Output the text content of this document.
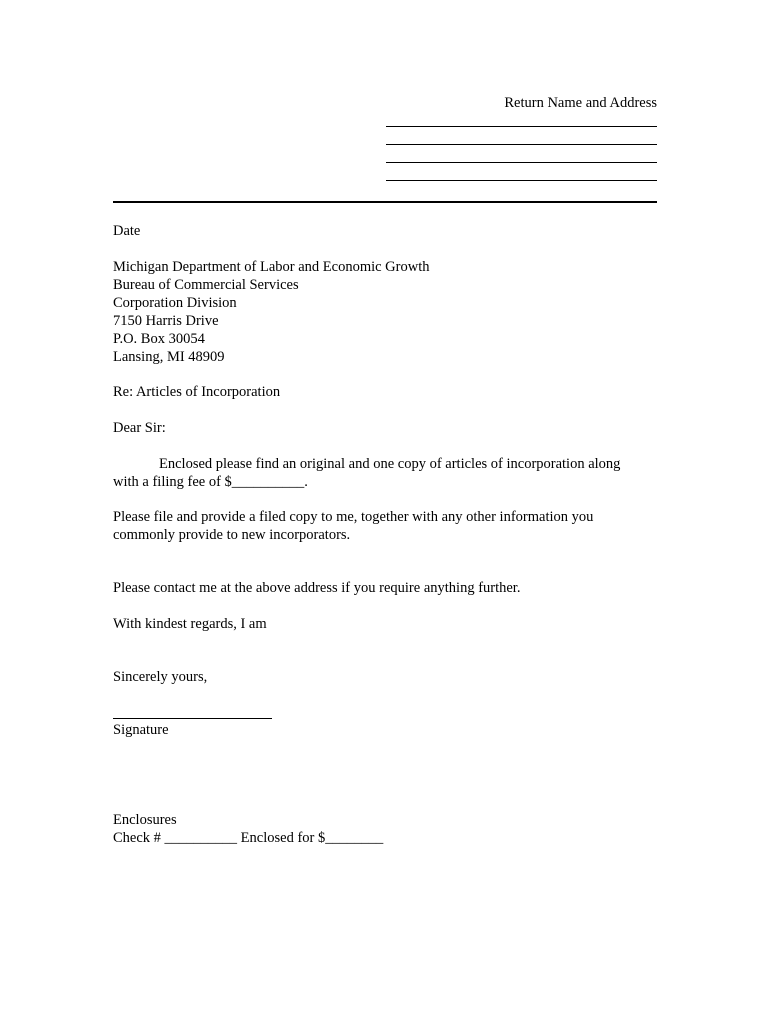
Return Name and Address
Date
Michigan Department of Labor and Economic Growth
Bureau of Commercial Services
Corporation Division
7150 Harris Drive
P.O. Box 30054
Lansing, MI 48909
Re: Articles of Incorporation
Dear Sir:
Enclosed please find an original and one copy of articles of incorporation along
with a filing fee of $__________.
Please file and provide a filed copy to me, together with any other information you
commonly provide to new incorporators.
Please contact me at the above address if you require anything further.
With kindest regards, I am
Sincerely yours,
Signature
Enclosures
Check # __________ Enclosed for $________
